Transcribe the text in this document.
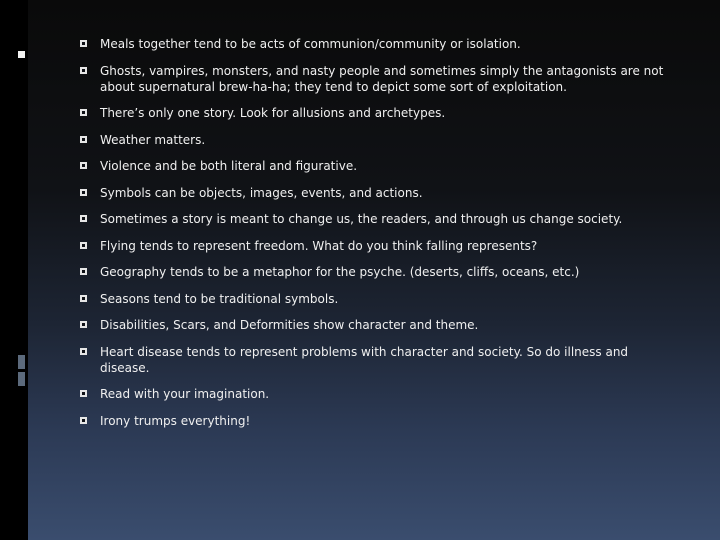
Meals together tend to be acts of communion/community or isolation.
Ghosts, vampires, monsters, and nasty people and sometimes simply the antagonists are not about supernatural brew-ha-ha; they tend to depict some sort of exploitation.
There’s only one story. Look for allusions and archetypes.
Weather matters.
Violence and be both literal and figurative.
Symbols can be objects, images, events, and actions.
Sometimes a story is meant to change us, the readers, and through us change society.
Flying tends to represent freedom. What do you think falling represents?
Geography tends to be a metaphor for the psyche. (deserts, cliffs, oceans, etc.)
Seasons tend to be traditional symbols.
Disabilities, Scars, and Deformities show character and theme.
Heart disease tends to represent problems with character and society. So do illness and disease.
Read with your imagination.
Irony trumps everything!
